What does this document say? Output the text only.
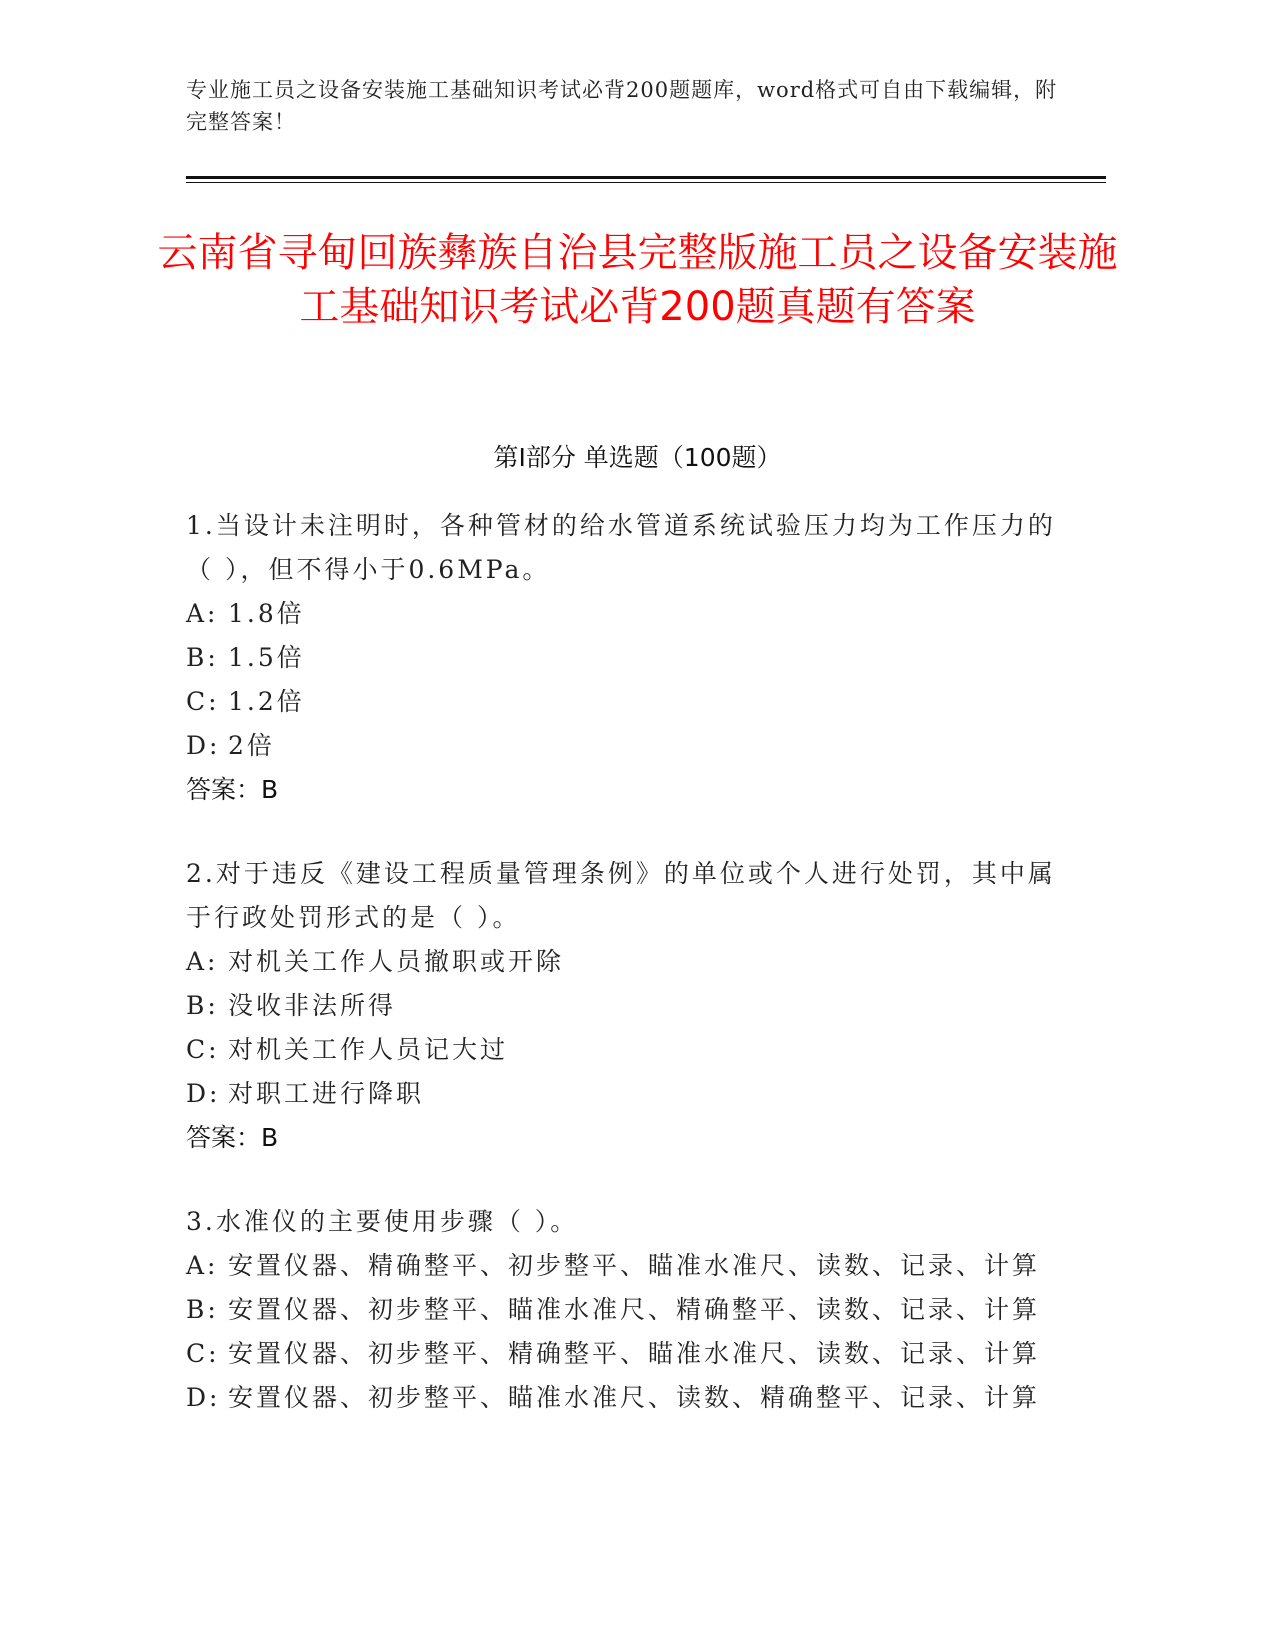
专业施工员之设备安装施工基础知识考试必背200题题库，word格式可自由下载编辑，附完整答案！

云南省寻甸回族彝族自治县完整版施工员之设备安装施工基础知识考试必背200题真题有答案
第I部分 单选题（100题）

1.当设计未注明时，各种管材的给水管道系统试验压力均为工作压力的（ ），但不得小于0.6MPa。

A: 1.8倍

B: 1.5倍

C: 1.2倍

D: 2倍

答案：B

2.对于违反《建设工程质量管理条例》的单位或个人进行处罚，其中属于行政处罚形式的是（ ）。

A: 对机关工作人员撤职或开除

B: 没收非法所得

C: 对机关工作人员记大过

D: 对职工进行降职

答案：B

3.水准仪的主要使用步骤（ ）。

A: 安置仪器、精确整平、初步整平、瞄准水准尺、读数、记录、计算

B: 安置仪器、初步整平、瞄准水准尺、精确整平、读数、记录、计算

C: 安置仪器、初步整平、精确整平、瞄准水准尺、读数、记录、计算

D: 安置仪器、初步整平、瞄准水准尺、读数、精确整平、记录、计算
